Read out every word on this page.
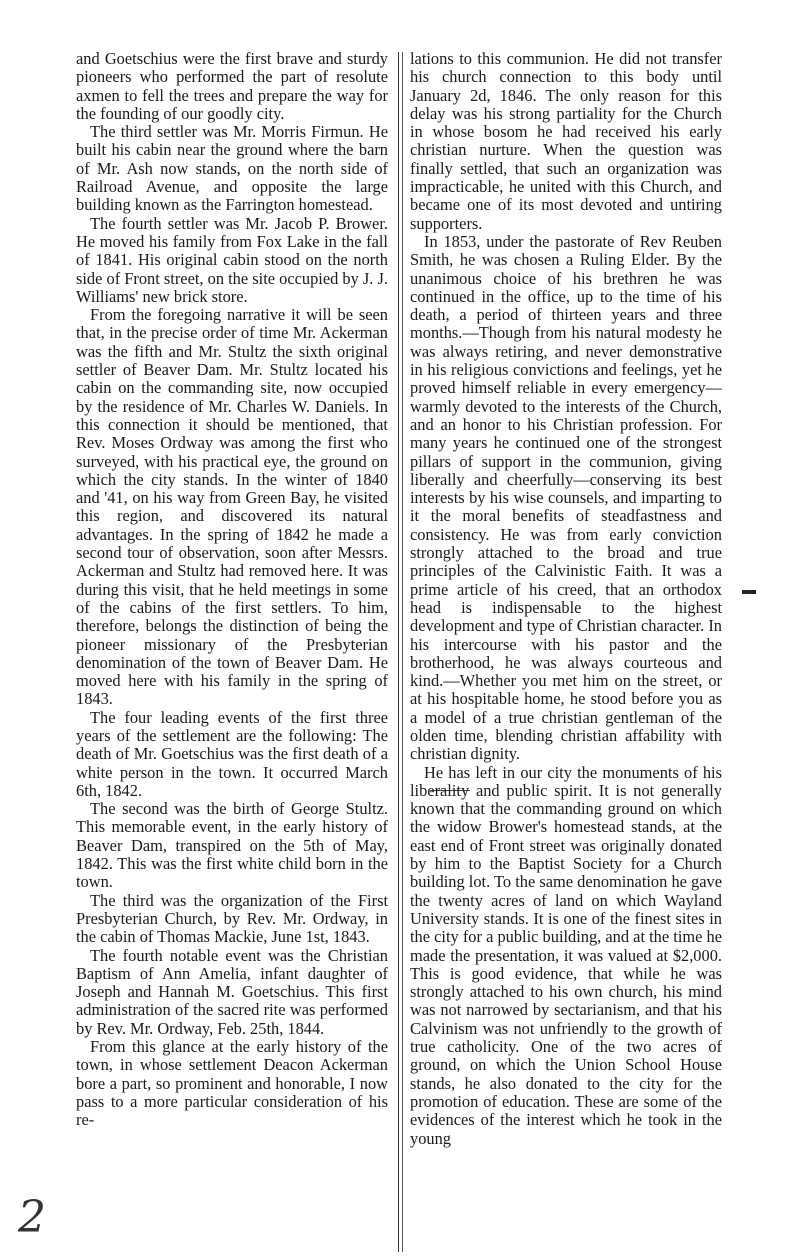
and Goetschius were the first brave and sturdy pioneers who performed the part of resolute axmen to fell the trees and prepare the way for the founding of our goodly city.

The third settler was Mr. Morris Firmun. He built his cabin near the ground where the barn of Mr. Ash now stands, on the north side of Railroad Avenue, and opposite the large building known as the Farrington homestead.

The fourth settler was Mr. Jacob P. Brower. He moved his family from Fox Lake in the fall of 1841. His original cabin stood on the north side of Front street, on the site occupied by J. J. Williams' new brick store.

From the foregoing narrative it will be seen that, in the precise order of time Mr. Ackerman was the fifth and Mr. Stultz the sixth original settler of Beaver Dam. Mr. Stultz located his cabin on the commanding site, now occupied by the residence of Mr. Charles W. Daniels. In this connection it should be mentioned, that Rev. Moses Ordway was among the first who surveyed, with his practical eye, the ground on which the city stands. In the winter of 1840 and '41, on his way from Green Bay, he visited this region, and discovered its natural advantages. In the spring of 1842 he made a second tour of observation, soon after Messrs. Ackerman and Stultz had removed here. It was during this visit, that he held meetings in some of the cabins of the first settlers. To him, therefore, belongs the distinction of being the pioneer missionary of the Presbyterian denomination of the town of Beaver Dam. He moved here with his family in the spring of 1843.

The four leading events of the first three years of the settlement are the following: The death of Mr. Goetschius was the first death of a white person in the town. It occurred March 6th, 1842.

The second was the birth of George Stultz. This memorable event, in the early history of Beaver Dam, transpired on the 5th of May, 1842. This was the first white child born in the town.

The third was the organization of the First Presbyterian Church, by Rev. Mr. Ordway, in the cabin of Thomas Mackie, June 1st, 1843.

The fourth notable event was the Christian Baptism of Ann Amelia, infant daughter of Joseph and Hannah M. Goetschius. This first administration of the sacred rite was performed by Rev. Mr. Ordway, Feb. 25th, 1844.

From this glance at the early history of the town, in whose settlement Deacon Ackerman bore a part, so prominent and honorable, I now pass to a more particular consideration of his re-

lations to this communion. He did not transfer his church connection to this body until January 2d, 1846. The only reason for this delay was his strong partiality for the Church in whose bosom he had received his early christian nurture. When the question was finally settled, that such an organization was impracticable, he united with this Church, and became one of its most devoted and untiring supporters.

In 1853, under the pastorate of Rev Reuben Smith, he was chosen a Ruling Elder. By the unanimous choice of his brethren he was continued in the office, up to the time of his death, a period of thirteen years and three months.—Though from his natural modesty he was always retiring, and never demonstrative in his religious convictions and feelings, yet he proved himself reliable in every emergency—warmly devoted to the interests of the Church, and an honor to his Christian profession. For many years he continued one of the strongest pillars of support in the communion, giving liberally and cheerfully—conserving its best interests by his wise counsels, and imparting to it the moral benefits of steadfastness and consistency. He was from early conviction strongly attached to the broad and true principles of the Calvinistic Faith. It was a prime article of his creed, that an orthodox head is indispensable to the highest development and type of Christian character. In his intercourse with his pastor and the brotherhood, he was always courteous and kind.—Whether you met him on the street, or at his hospitable home, he stood before you as a model of a true christian gentleman of the olden time, blending christian affability with christian dignity.

He has left in our city the monuments of his liberality and public spirit. It is not generally known that the commanding ground on which the widow Brower's homestead stands, at the east end of Front street was originally donated by him to the Baptist Society for a Church building lot. To the same denomination he gave the twenty acres of land on which Wayland University stands. It is one of the finest sites in the city for a public building, and at the time he made the presentation, it was valued at $2,000. This is good evidence, that while he was strongly attached to his own church, his mind was not narrowed by sectarianism, and that his Calvinism was not unfriendly to the growth of true catholicity. One of the two acres of ground, on which the Union School House stands, he also donated to the city for the promotion of education. These are some of the evidences of the interest which he took in the young

2
